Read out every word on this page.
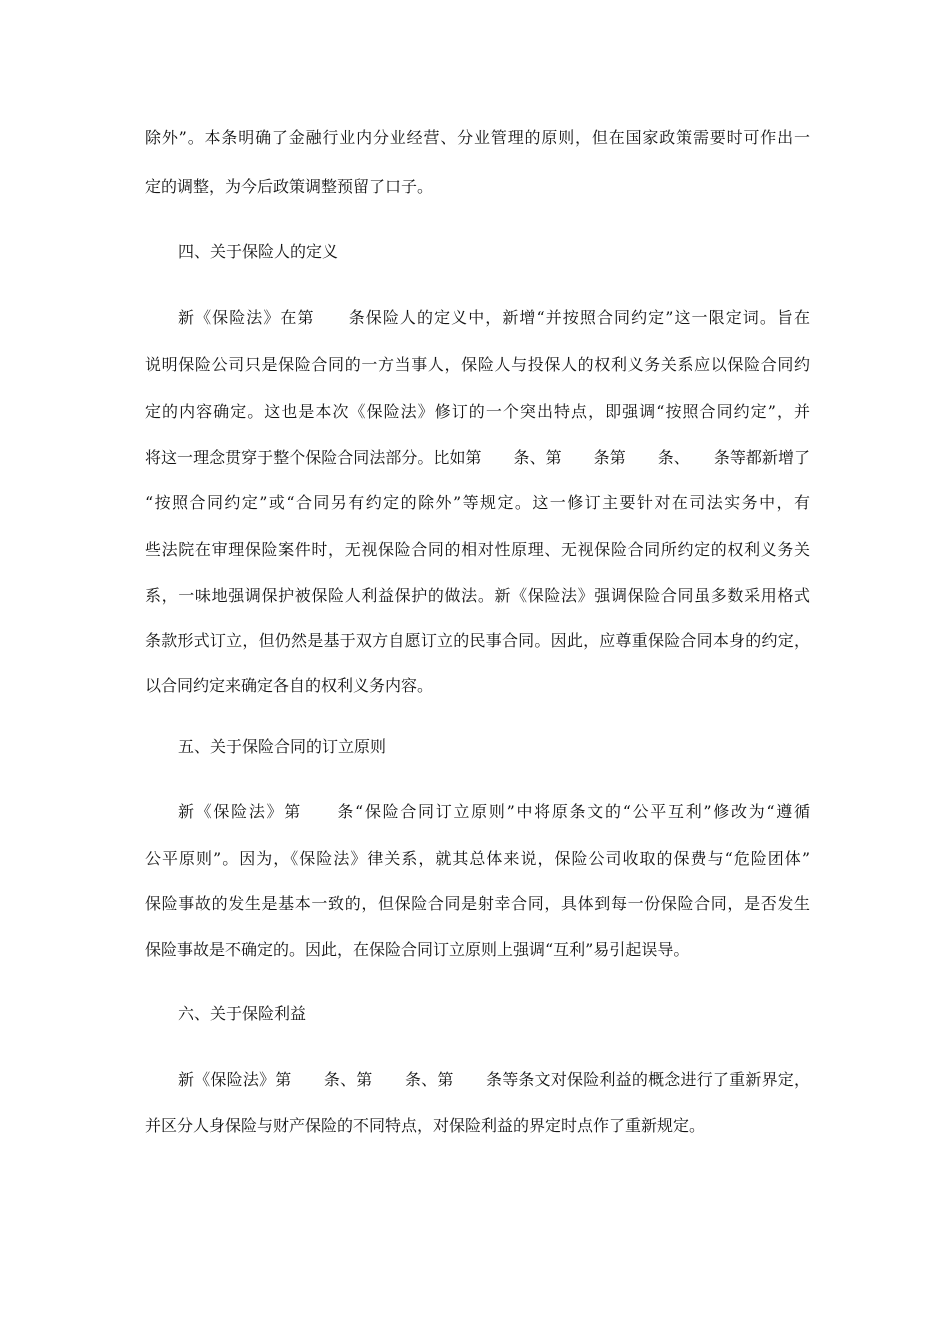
除外”。本条明确了金融行业内分业经营、分业管理的原则，但在国家政策需要时可作出一
定的调整，为今后政策调整预留了口子。
四、关于保险人的定义
新《保险法》在第　　条保险人的定义中，新增“并按照合同约定”这一限定词。旨在
说明保险公司只是保险合同的一方当事人，保险人与投保人的权利义务关系应以保险合同约
定的内容确定。这也是本次《保险法》修订的一个突出特点，即强调“按照合同约定”，并
将这一理念贯穿于整个保险合同法部分。比如第　　条、第　　条第　　条、　　条等都新增了
“按照合同约定”或“合同另有约定的除外”等规定。这一修订主要针对在司法实务中，有
些法院在审理保险案件时，无视保险合同的相对性原理、无视保险合同所约定的权利义务关
系，一味地强调保护被保险人利益保护的做法。新《保险法》强调保险合同虽多数采用格式
条款形式订立，但仍然是基于双方自愿订立的民事合同。因此，应尊重保险合同本身的约定，
以合同约定来确定各自的权利义务内容。
五、关于保险合同的订立原则
新《保险法》第　　条“保险合同订立原则”中将原条文的“公平互利”修改为“遵循
公平原则”。因为，《保险法》律关系，就其总体来说，保险公司收取的保费与“危险团体”
保险事故的发生是基本一致的，但保险合同是射幸合同，具体到每一份保险合同，是否发生
保险事故是不确定的。因此，在保险合同订立原则上强调“互利”易引起误导。
六、关于保险利益
新《保险法》第　　条、第　　条、第　　条等条文对保险利益的概念进行了重新界定，
并区分人身保险与财产保险的不同特点，对保险利益的界定时点作了重新规定。
